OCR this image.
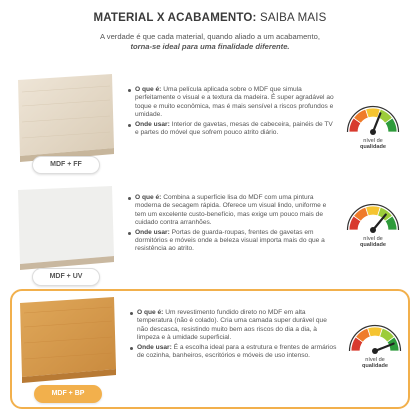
MATERIAL X ACABAMENTO: SAIBA MAIS
A verdade é que cada material, quando aliado a um acabamento,
torna-se ideal para uma finalidade diferente.
MDF + FF
O que é: Uma película aplicada sobre o MDF que simula perfeitamente o visual e a textura da madeira. É super agradável ao toque e muito econômica, mas é mais sensível a riscos profundos e umidade.
Onde usar: Interior de gavetas, mesas de cabeceira, painéis de TV e partes do móvel que sofrem pouco atrito diário.
nível de
qualidade
MDF + UV
O que é: Combina a superfície lisa do MDF com uma pintura moderna de secagem rápida. Oferece um visual lindo, uniforme e tem um excelente custo-benefício, mas exige um pouco mais de cuidado contra arranhões.
Onde usar: Portas de guarda-roupas, frentes de gavetas em dormitórios e móveis onde a beleza visual importa mais do que a resistência ao atrito.
nível de
qualidade
MDF + BP
O que é: Um revestimento fundido direto no MDF em alta temperatura (não é colado). Cria uma camada super durável que não descasca, resistindo muito bem aos riscos do dia a dia, à limpeza e à umidade superficial.
Onde usar: É a escolha ideal para a estrutura e frentes de armários de cozinha, banheiros, escritórios e móveis de uso intenso.
nível de
qualidade
